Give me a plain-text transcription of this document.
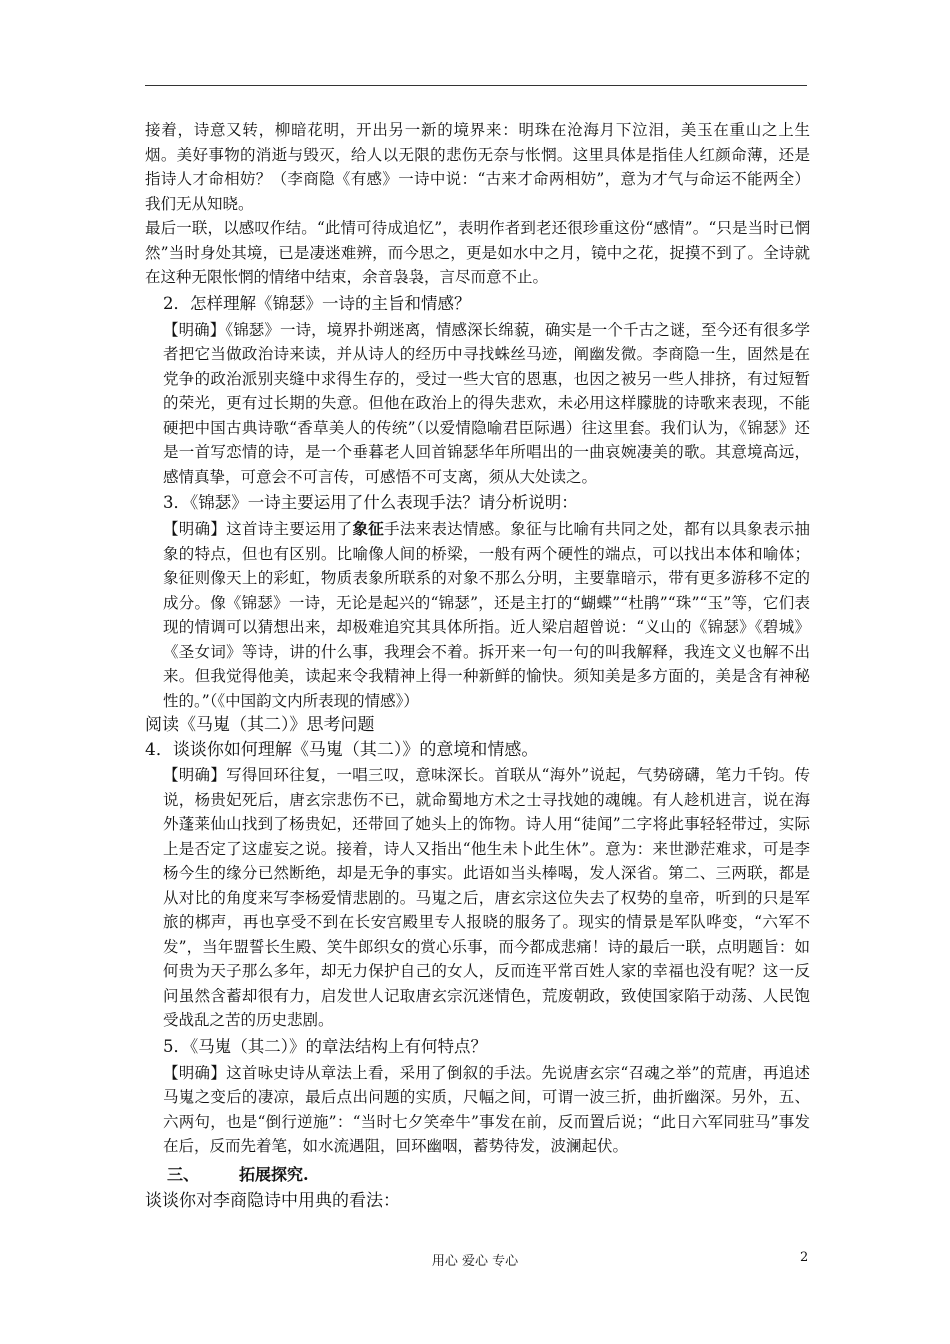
接着，诗意又转，柳暗花明，开出另一新的境界来：明珠在沧海月下泣泪，美玉在重山之上生烟。美好事物的消逝与毁灭，给人以无限的悲伤无奈与怅惘。这里具体是指佳人红颜命薄，还是指诗人才命相妨？（李商隐《有感》一诗中说：“古来才命两相妨”，意为才气与命运不能两全）我们无从知晓。

最后一联，以感叹作结。“此情可待成追忆”，表明作者到老还很珍重这份“感情”。“只是当时已惘然”当时身处其境，已是凄迷难辨，而今思之，更是如水中之月，镜中之花，捉摸不到了。全诗就在这种无限怅惘的情绪中结束，余音袅袅，言尽而意不止。

2．怎样理解《锦瑟》一诗的主旨和情感？

【明确】《锦瑟》一诗，境界扑朔迷离，情感深长绵藐，确实是一个千古之谜，至今还有很多学者把它当做政治诗来读，并从诗人的经历中寻找蛛丝马迹，阐幽发微。李商隐一生，固然是在党争的政治派别夹缝中求得生存的，受过一些大官的恩惠，也因之被另一些人排挤，有过短暂的荣光，更有过长期的失意。但他在政治上的得失悲欢，未必用这样朦胧的诗歌来表现，不能硬把中国古典诗歌“香草美人的传统”（以爱情隐喻君臣际遇）往这里套。我们认为，《锦瑟》还是一首写恋情的诗，是一个垂暮老人回首锦瑟华年所唱出的一曲哀婉凄美的歌。其意境高远，感情真挚，可意会不可言传，可感悟不可支离，须从大处读之。

3．《锦瑟》一诗主要运用了什么表现手法？请分析说明：

【明确】这首诗主要运用了象征手法来表达情感。象征与比喻有共同之处，都有以具象表示抽象的特点，但也有区别。比喻像人间的桥梁，一般有两个硬性的端点，可以找出本体和喻体；象征则像天上的彩虹，物质表象所联系的对象不那么分明，主要靠暗示，带有更多游移不定的成分。像《锦瑟》一诗，无论是起兴的“锦瑟”，还是主打的“蝴蝶”“杜鹃”“珠”“玉”等，它们表现的情调可以猜想出来，却极难追究其具体所指。近人梁启超曾说：“义山的《锦瑟》《碧城》《圣女词》等诗，讲的什么事，我理会不着。拆开来一句一句的叫我解释，我连文义也解不出来。但我觉得他美，读起来令我精神上得一种新鲜的愉快。须知美是多方面的，美是含有神秘性的。”（《中国韵文内所表现的情感》）

阅读《马嵬（其二）》思考问题

4．谈谈你如何理解《马嵬（其二）》的意境和情感。

【明确】写得回环往复，一唱三叹，意味深长。首联从“海外”说起，气势磅礴，笔力千钧。传说，杨贵妃死后，唐玄宗悲伤不已，就命蜀地方术之士寻找她的魂魄。有人趁机进言，说在海外蓬莱仙山找到了杨贵妃，还带回了她头上的饰物。诗人用“徒闻”二字将此事轻轻带过，实际上是否定了这虚妄之说。接着，诗人又指出“他生未卜此生休”。意为：来世渺茫难求，可是李杨今生的缘分已然断绝，却是无争的事实。此语如当头棒喝，发人深省。第二、三两联，都是从对比的角度来写李杨爱情悲剧的。马嵬之后，唐玄宗这位失去了权势的皇帝，听到的只是军旅的梆声，再也享受不到在长安宫殿里专人报晓的服务了。现实的情景是军队哗变，“六军不发”，当年盟誓长生殿、笑牛郎织女的赏心乐事，而今都成悲痛！诗的最后一联，点明题旨：如何贵为天子那么多年，却无力保护自己的女人，反而连平常百姓人家的幸福也没有呢？这一反问虽然含蓄却很有力，启发世人记取唐玄宗沉迷情色，荒废朝政，致使国家陷于动荡、人民饱受战乱之苦的历史悲剧。

5．《马嵬（其二）》的章法结构上有何特点？

【明确】这首咏史诗从章法上看，采用了倒叙的手法。先说唐玄宗“召魂之举”的荒唐，再追述马嵬之变后的凄凉，最后点出问题的实质，尺幅之间，可谓一波三折，曲折幽深。另外，五、六两句，也是“倒行逆施”：“当时七夕笑牵牛”事发在前，反而置后说；“此日六军同驻马”事发在后，反而先着笔，如水流遇阻，回环幽咽，蓄势待发，波澜起伏。

三、	拓展探究.

谈谈你对李商隐诗中用典的看法：

用心 爱心 专心	2
